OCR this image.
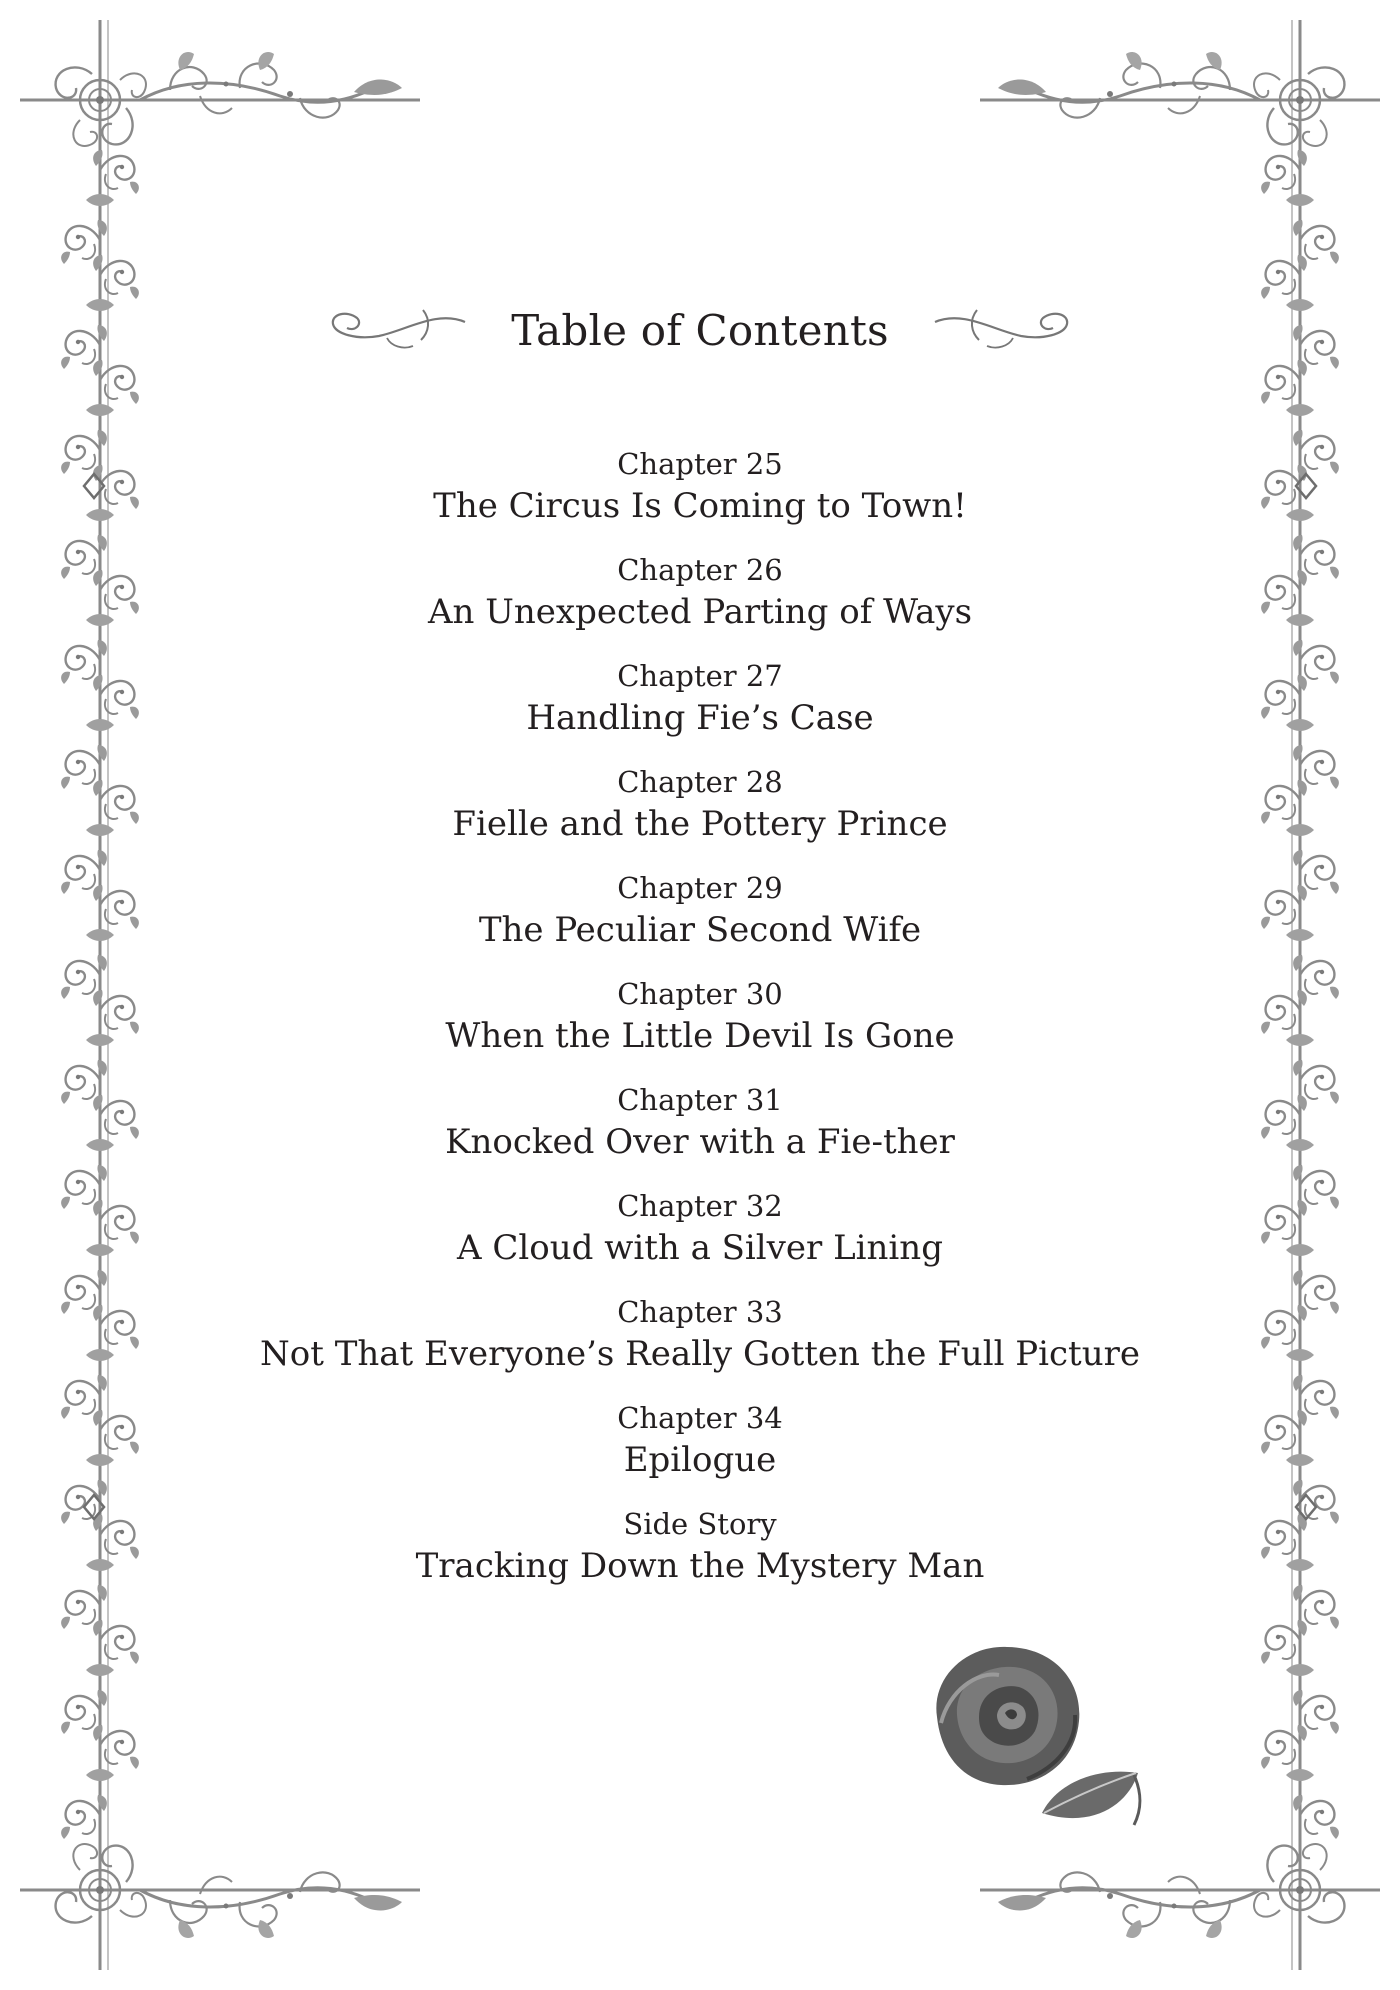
Table of Contents
Chapter 25
The Circus Is Coming to Town!
Chapter 26
An Unexpected Parting of Ways
Chapter 27
Handling Fie’s Case
Chapter 28
Fielle and the Pottery Prince
Chapter 29
The Peculiar Second Wife
Chapter 30
When the Little Devil Is Gone
Chapter 31
Knocked Over with a Fie-ther
Chapter 32
A Cloud with a Silver Lining
Chapter 33
Not That Everyone’s Really Gotten the Full Picture
Chapter 34
Epilogue
Side Story
Tracking Down the Mystery Man
